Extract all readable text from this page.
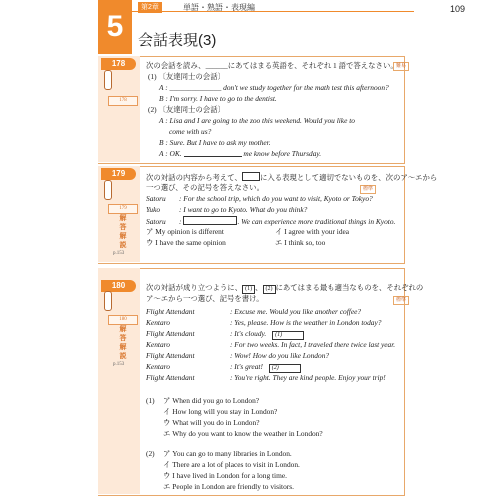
5
第2章	単語・熟語・表現編	109
会話表現(3)
178
178
難易
次の会話を読み、______にあてはまる英語を、それぞれ 1 語で答えなさい。
(1) 〔友達同士の会話〕
A : ______________ don't we study together for the math test this afternoon?
B : I'm sorry. I have to go to the dentist.
(2) 〔友達同士の会話〕
A : Lisa and I are going to the zoo this weekend. Would you like to
come with us?
B : Sure. But I have to ask my mother.
A : OK.	me know before Thursday.
179
179
解
答
解
説
p.153
標準
次の対話の内容から考えて、 に入る表現として適切でないものを、次のア～エから
一つ選び、その記号を答えなさい。
Satoru : For the school trip, which do you want to visit, Kyoto or Tokyo?
Yuko	: I want to go to Kyoto. What do you think?
Satoru :	. We can experience more traditional things in Kyoto.
ア My opinion is different	イ I agree with your idea
ウ I have the same opinion	エ I think so, too
180
180
解
答
解
説
p.153
標準
次の対話が成り立つように、 (1) 、 (2) にあてはまる最も適当なものを、それぞれの
ア～エから一つ選び、記号を書け。
Flight Attendant	: Excuse me. Would you like another coffee?
Kentaro	: Yes, please. How is the weather in London today?
Flight Attendant	: It's cloudy. (1)
Kentaro	: For two weeks. In fact, I traveled there twice last year.
Flight Attendant	: Wow! How do you like London?
Kentaro	: It's great! (2)
Flight Attendant	: You're right. They are kind people. Enjoy your trip!
(1) ア When did you go to London?
イ How long will you stay in London?
ウ What will you do in London?
エ Why do you want to know the weather in London?
(2) ア You can go to many libraries in London.
イ There are a lot of places to visit in London.
ウ I have lived in London for a long time.
エ People in London are friendly to visitors.
